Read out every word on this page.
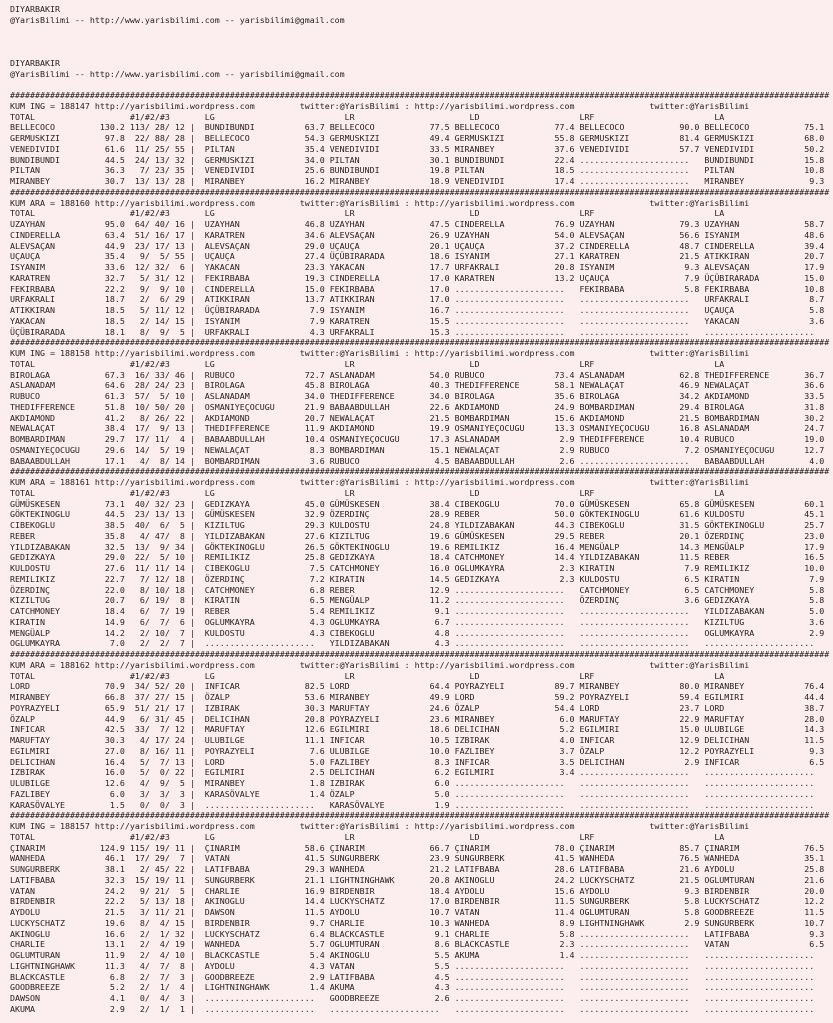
DIYARBAKIR
@YarisBilimi -- http://www.yarisbilimi.com -- yarisbilimi@gmail.com
DIYARBAKIR
@YarisBilimi -- http://www.yarisbilimi.com -- yarisbilimi@gmail.com
####################################################################################################################################################################
KUM ING = 188147 http://yarisbilimi.wordpress.com         twitter:@YarisBilimi : http://yarisbilimi.wordpress.com               twitter:@YarisBilimi
TOTAL                   #1/#2/#3       LG                          LR                       LD                    LRF                        LA
BELLECOCO         130.2 113/ 28/ 12 |  BUNDIBUNDI          63.7 BELLECOCO           77.5 BELLECOCO           77.4 BELLECOCO           90.0 BELLECOCO           75.1
GERMUSKIZI         97.8  22/ 88/ 28 |  BELLECOCO           54.3 GERMUSKIZI          49.4 GERMUSKIZI          55.8 GERMUSKIZI          81.4 GERMUSKIZI          68.0
VENEDIVIDI         61.6  11/ 25/ 55 |  PILTAN              35.4 VENEDIVIDI          33.5 MIRANBEY            37.6 VENEDIVIDI          57.7 VENEDIVIDI          50.2
BUNDIBUNDI         44.5  24/ 13/ 32 |  GERMUSKIZI          34.0 PILTAN              30.1 BUNDIBUNDI          22.4 ......................   BUNDIBUNDI          15.8
PILTAN             36.3   7/ 23/ 35 |  VENEDIVIDI          25.6 BUNDIBUNDI          19.8 PILTAN              18.5 ......................   PILTAN              10.8
MIRANBEY           30.7  13/ 13/ 28 |  MIRANBEY            16.2 MIRANBEY            18.9 VENEDIVIDI          17.4 ......................   MIRANBEY             9.3
####################################################################################################################################################################
KUM ARA = 188160 http://yarisbilimi.wordpress.com         twitter:@YarisBilimi : http://yarisbilimi.wordpress.com               twitter:@YarisBilimi
TOTAL                   #1/#2/#3       LG                          LR                       LD                    LRF                        LA
UZAYHAN            95.0  64/ 40/ 16 |  UZAYHAN             46.8 UZAYHAN             47.5 CINDERELLA          76.9 UZAYHAN             79.3 UZAYHAN             58.7
CINDERELLA         63.4  51/ 16/ 17 |  KARATREN            34.6 ALEVSAÇAN           26.9 UZAYHAN             54.0 ALEVSAÇAN           56.6 ISYANIM             48.6
ALEVSAÇAN          44.9  23/ 17/ 13 |  ALEVSAÇAN           29.0 UÇAUÇA              20.1 UÇAUÇA              37.2 CINDERELLA          48.7 CINDERELLA          39.4
UÇAUÇA             35.4   9/  5/ 55 |  UÇAUÇA              27.4 ÜÇÜBIRARADA         18.6 ISYANIM             27.1 KARATREN            21.5 ATIKKIRAN           20.7
ISYANIM            33.6  12/ 32/  6 |  YAKACAN             23.3 YAKACAN             17.7 URFAKRALI           20.8 ISYANIM              9.3 ALEVSAÇAN           17.9
KARATREN           32.7   5/ 31/ 12 |  FEKIRBABA           19.3 CINDERELLA          17.0 KARATREN            13.2 UÇAUÇA               7.9 ÜÇÜBIRARADA         15.0
FEKIRBABA          22.2   9/  9/ 10 |  CINDERELLA          15.0 FEKIRBABA           17.0 ......................   FEKIRBABA            5.8 FEKIRBABA           10.8
URFAKRALI          18.7   2/  6/ 29 |  ATIKKIRAN           13.7 ATIKKIRAN           17.0 ......................   ......................   URFAKRALI            8.7
ATIKKIRAN          18.5   5/ 11/ 12 |  ÜÇÜBIRARADA          7.9 ISYANIM             16.7 ......................   ......................   UÇAUÇA               5.8
YAKACAN            18.5   2/ 14/ 15 |  ISYANIM              7.9 KARATREN            15.5 ......................   ......................   YAKACAN              3.6
ÜÇÜBIRARADA        18.1   8/  9/  5 |  URFAKRALI            4.3 URFAKRALI           15.3 ......................   ......................   ......................
####################################################################################################################################################################
KUM ING = 188158 http://yarisbilimi.wordpress.com         twitter:@YarisBilimi : http://yarisbilimi.wordpress.com               twitter:@YarisBilimi
TOTAL                   #1/#2/#3       LG                          LR                       LD                    LRF                        LA
BIROLAGA           67.3  16/ 33/ 46 |  RUBUCO              72.7 ASLANADAM           54.0 RUBUCO              73.4 ASLANADAM           62.8 THEDIFFERENCE       36.7
ASLANADAM          64.6  28/ 24/ 23 |  BIROLAGA            45.8 BIROLAGA            40.3 THEDIFFERENCE       58.1 NEWALAÇAT           46.9 NEWALAÇAT           36.6
RUBUCO             61.3  57/  5/ 10 |  ASLANADAM           34.0 THEDIFFERENCE       34.0 BIROLAGA            35.6 BIROLAGA            34.2 AKDIAMOND           33.5
THEDIFFERENCE      51.8  10/ 50/ 20 |  OSMANIYEÇOCUGU      21.9 BABAABDULLAH        22.6 AKDIAMOND           24.9 BOMBARDIMAN         29.4 BIROLAGA            31.8
AKDIAMOND          41.2   8/ 26/ 22 |  AKDIAMOND           20.7 NEWALAÇAT           21.5 BOMBARDIMAN         15.6 AKDIAMOND           21.5 BOMBARDIMAN         30.2
NEWALAÇAT          38.4  17/  9/ 13 |  THEDIFFERENCE       11.9 AKDIAMOND           19.9 OSMANIYEÇOCUGU      13.3 OSMANIYEÇOCUGU      16.8 ASLANADAM           24.7
BOMBARDIMAN        29.7  17/ 11/  4 |  BABAABDULLAH        10.4 OSMANIYEÇOCUGU      17.3 ASLANADAM            2.9 THEDIFFERENCE       10.4 RUBUCO              19.0
OSMANIYEÇOCUGU     29.6  14/  5/ 19 |  NEWALAÇAT            8.3 BOMBARDIMAN         15.1 NEWALAÇAT            2.9 RUBUCO               7.2 OSMANIYEÇOCUGU      12.7
BABAABDULLAH       17.1   4/  8/ 14 |  BOMBARDIMAN          3.6 RUBUCO               4.5 BABAABDULLAH         2.6 ......................   BABAABDULLAH         4.0
####################################################################################################################################################################
KUM ARA = 188161 http://yarisbilimi.wordpress.com         twitter:@YarisBilimi : http://yarisbilimi.wordpress.com               twitter:@YarisBilimi
TOTAL                   #1/#2/#3       LG                          LR                       LD                    LRF                        LA
GÜMÜSKESEN         73.1  40/ 32/ 23 |  GEDIZKAYA           45.0 GÜMÜSKESEN          38.4 CIBEKOGLU           70.0 GÜMÜSKESEN          65.8 GÜMÜSKESEN          60.1
GÖKTEKINOGLU       44.5  23/ 13/ 13 |  GÜMÜSKESEN          32.9 ÖZERDINÇ            28.9 REBER               50.0 GÖKTEKINOGLU        61.6 KULDOSTU            45.1
CIBEKOGLU          38.5  40/  6/  5 |  KIZILTUG            29.3 KULDOSTU            24.8 YILDIZABAKAN        44.3 CIBEKOGLU           31.5 GÖKTEKINOGLU        25.7
REBER              35.8   4/ 47/  8 |  YILDIZABAKAN        27.6 KIZILTUG            19.6 GÜMÜSKESEN          29.5 REBER               20.1 ÖZERDINÇ            23.0
YILDIZABAKAN       32.5  13/  9/ 34 |  GÖKTEKINOGLU        26.5 GÖKTEKINOGLU        19.6 REMILIKIZ           16.4 MENGÜALP            14.3 MENGÜALP            17.9
GEDIZKAYA          29.0  22/  5/ 10 |  REMILIKIZ           25.8 GEDIZKAYA           18.4 CATCHMONEY          14.4 YILDIZABAKAN        11.5 REBER               16.5
KULDOSTU           27.6  11/ 11/ 14 |  CIBEKOGLU            7.5 CATCHMONEY          16.0 OGLUMKAYRA           2.3 KIRATIN              7.9 REMILIKIZ           10.0
REMILIKIZ          22.7   7/ 12/ 18 |  ÖZERDINÇ             7.2 KIRATIN             14.5 GEDIZKAYA            2.3 KULDOSTU             6.5 KIRATIN              7.9
ÖZERDINÇ           22.0   8/ 10/ 18 |  CATCHMONEY           6.8 REBER               12.9 ......................   CATCHMONEY           6.5 CATCHMONEY           5.8
KIZILTUG           20.7   6/ 19/  8 |  KIRATIN              6.5 MENGÜALP            11.2 ......................   ÖZERDINÇ             3.6 GEDIZKAYA            5.8
CATCHMONEY         18.4   6/  7/ 19 |  REBER                5.4 REMILIKIZ            9.1 ......................   ......................   YILDIZABAKAN         5.0
KIRATIN            14.9   6/  7/  6 |  OGLUMKAYRA           4.3 OGLUMKAYRA           6.7 ......................   ......................   KIZILTUG             3.6
MENGÜALP           14.2   2/ 10/  7 |  KULDOSTU             4.3 CIBEKOGLU            4.8 ......................   ......................   OGLUMKAYRA           2.9
OGLUMKAYRA          7.0   2/  2/  7 |  ......................   YILDIZABAKAN         4.3 ......................   ......................   ......................
####################################################################################################################################################################
KUM ARA = 188162 http://yarisbilimi.wordpress.com         twitter:@YarisBilimi : http://yarisbilimi.wordpress.com               twitter:@YarisBilimi
TOTAL                   #1/#2/#3       LG                          LR                       LD                    LRF                        LA
LORD               70.9  34/ 52/ 20 |  INFICAR             82.5 LORD                64.4 POYRAZYELI          89.7 MIRANBEY            80.0 MIRANBEY            76.4
MIRANBEY           66.8  37/ 27/ 15 |  ÖZALP               53.6 MIRANBEY            49.9 LORD                59.2 POYRAZYELI          59.4 EGILMIRI            44.4
POYRAZYELI         65.9  51/ 21/ 17 |  IZBIRAK             30.3 MARUFTAY            24.6 ÖZALP               54.4 LORD                23.7 LORD                38.7
ÖZALP              44.9   6/ 31/ 45 |  DELICIHAN           20.8 POYRAZYELI          23.6 MIRANBEY             6.0 MARUFTAY            22.9 MARUFTAY            28.0
INFICAR            42.5  33/  7/ 12 |  MARUFTAY            12.6 EGILMIRI            18.6 DELICIHAN            5.2 EGILMIRI            15.0 ULUBILGE            14.3
MARUFTAY           30.3   4/ 17/ 24 |  ULUBILGE            11.1 INFICAR             10.5 IZBIRAK              4.0 INFICAR             12.9 DELICIHAN           11.5
EGILMIRI           27.0   8/ 16/ 11 |  POYRAZYELI           7.6 ULUBILGE            10.0 FAZLIBEY             3.7 ÖZALP               12.2 POYRAZYELI           9.3
DELICIHAN          16.4   5/  7/ 13 |  LORD                 5.0 FAZLIBEY             8.3 INFICAR              3.5 DELICIHAN            2.9 INFICAR              6.5
IZBIRAK            16.0   5/  0/ 22 |  EGILMIRI             2.5 DELICIHAN            6.2 EGILMIRI             3.4 ......................   ......................
ULUBILGE           12.6   4/  9/  5 |  MIRANBEY             1.8 IZBIRAK              6.0 ......................   ......................   ......................
FAZLIBEY            6.0   3/  3/  3 |  KARASÖVALYE          1.4 ÖZALP                5.0 ......................   ......................   ......................
KARASÖVALYE         1.5   0/  0/  3 |  ......................   KARASÖVALYE          1.9 ......................   ......................   ......................
####################################################################################################################################################################
KUM ING = 188157 http://yarisbilimi.wordpress.com         twitter:@YarisBilimi : http://yarisbilimi.wordpress.com               twitter:@YarisBilimi
TOTAL                   #1/#2/#3       LG                          LR                       LD                    LRF                        LA
ÇINARIM           124.9 115/ 19/ 11 |  ÇINARIM             58.6 ÇINARIM             66.7 ÇINARIM             78.0 ÇINARIM             85.7 ÇINARIM             76.5
WANHEDA            46.1  17/ 29/  7 |  VATAN               41.5 SUNGURBERK          23.9 SUNGURBERK          41.5 WANHEDA             76.5 WANHEDA             35.1
SUNGURBERK         38.1   2/ 45/ 22 |  LATIFBABA           29.3 WANHEDA             21.2 LATIFBABA           28.6 LATIFBABA           21.6 AYDOLU              25.8
LATIFBABA          32.3  15/ 19/ 11 |  SUNGURBERK          21.1 LIGHTNINGHAWK       20.8 AKINOGLU            24.2 LUCKYSCHATZ         21.5 OGLUMTURAN          21.6
VATAN              24.2   9/ 21/  5 |  CHARLIE             16.9 BIRDENBIR           18.4 AYDOLU              15.6 AYDOLU               9.3 BIRDENBIR           20.0
BIRDENBIR          22.2   5/ 13/ 18 |  AKINOGLU            14.4 LUCKYSCHATZ         17.0 BIRDENBIR           11.5 SUNGURBERK           5.8 LUCKYSCHATZ         12.2
AYDOLU             21.5   3/ 11/ 21 |  DAWSON              11.5 AYDOLU              10.7 VATAN               11.4 OGLUMTURAN           5.8 GOODBREEZE          11.5
LUCKYSCHATZ        19.6   8/  4/ 15 |  BIRDENBIR            9.7 CHARLIE             10.3 WANHEDA              8.9 LIGHTNINGHAWK        2.9 SUNGURBERK          10.7
AKINOGLU           16.6   2/  1/ 32 |  LUCKYSCHATZ          6.4 BLACKCASTLE          9.1 CHARLIE              5.8 ......................   LATIFBABA            9.3
CHARLIE            13.1   2/  4/ 19 |  WANHEDA              5.7 OGLUMTURAN           8.6 BLACKCASTLE          2.3 ......................   VATAN                6.5
OGLUMTURAN         11.9   2/  4/ 10 |  BLACKCASTLE          5.4 AKINOGLU             5.5 AKUMA                1.4 ......................   ......................
LIGHTNINGHAWK      11.3   4/  7/  8 |  AYDOLU               4.3 VATAN                5.5 ......................   ......................   ......................
BLACKCASTLE         6.8   2/  7/  3 |  GOODBREEZE           2.9 LATIFBABA            4.5 ......................   ......................   ......................
GOODBREEZE          5.2   2/  1/  4 |  LIGHTNINGHAWK        1.4 AKUMA                4.3 ......................   ......................   ......................
DAWSON              4.1   0/  4/  3 |  ......................   GOODBREEZE           2.6 ......................   ......................   ......................
AKUMA               2.9   2/  1/  1 |  ......................   ......................   ......................   ......................   ......................
